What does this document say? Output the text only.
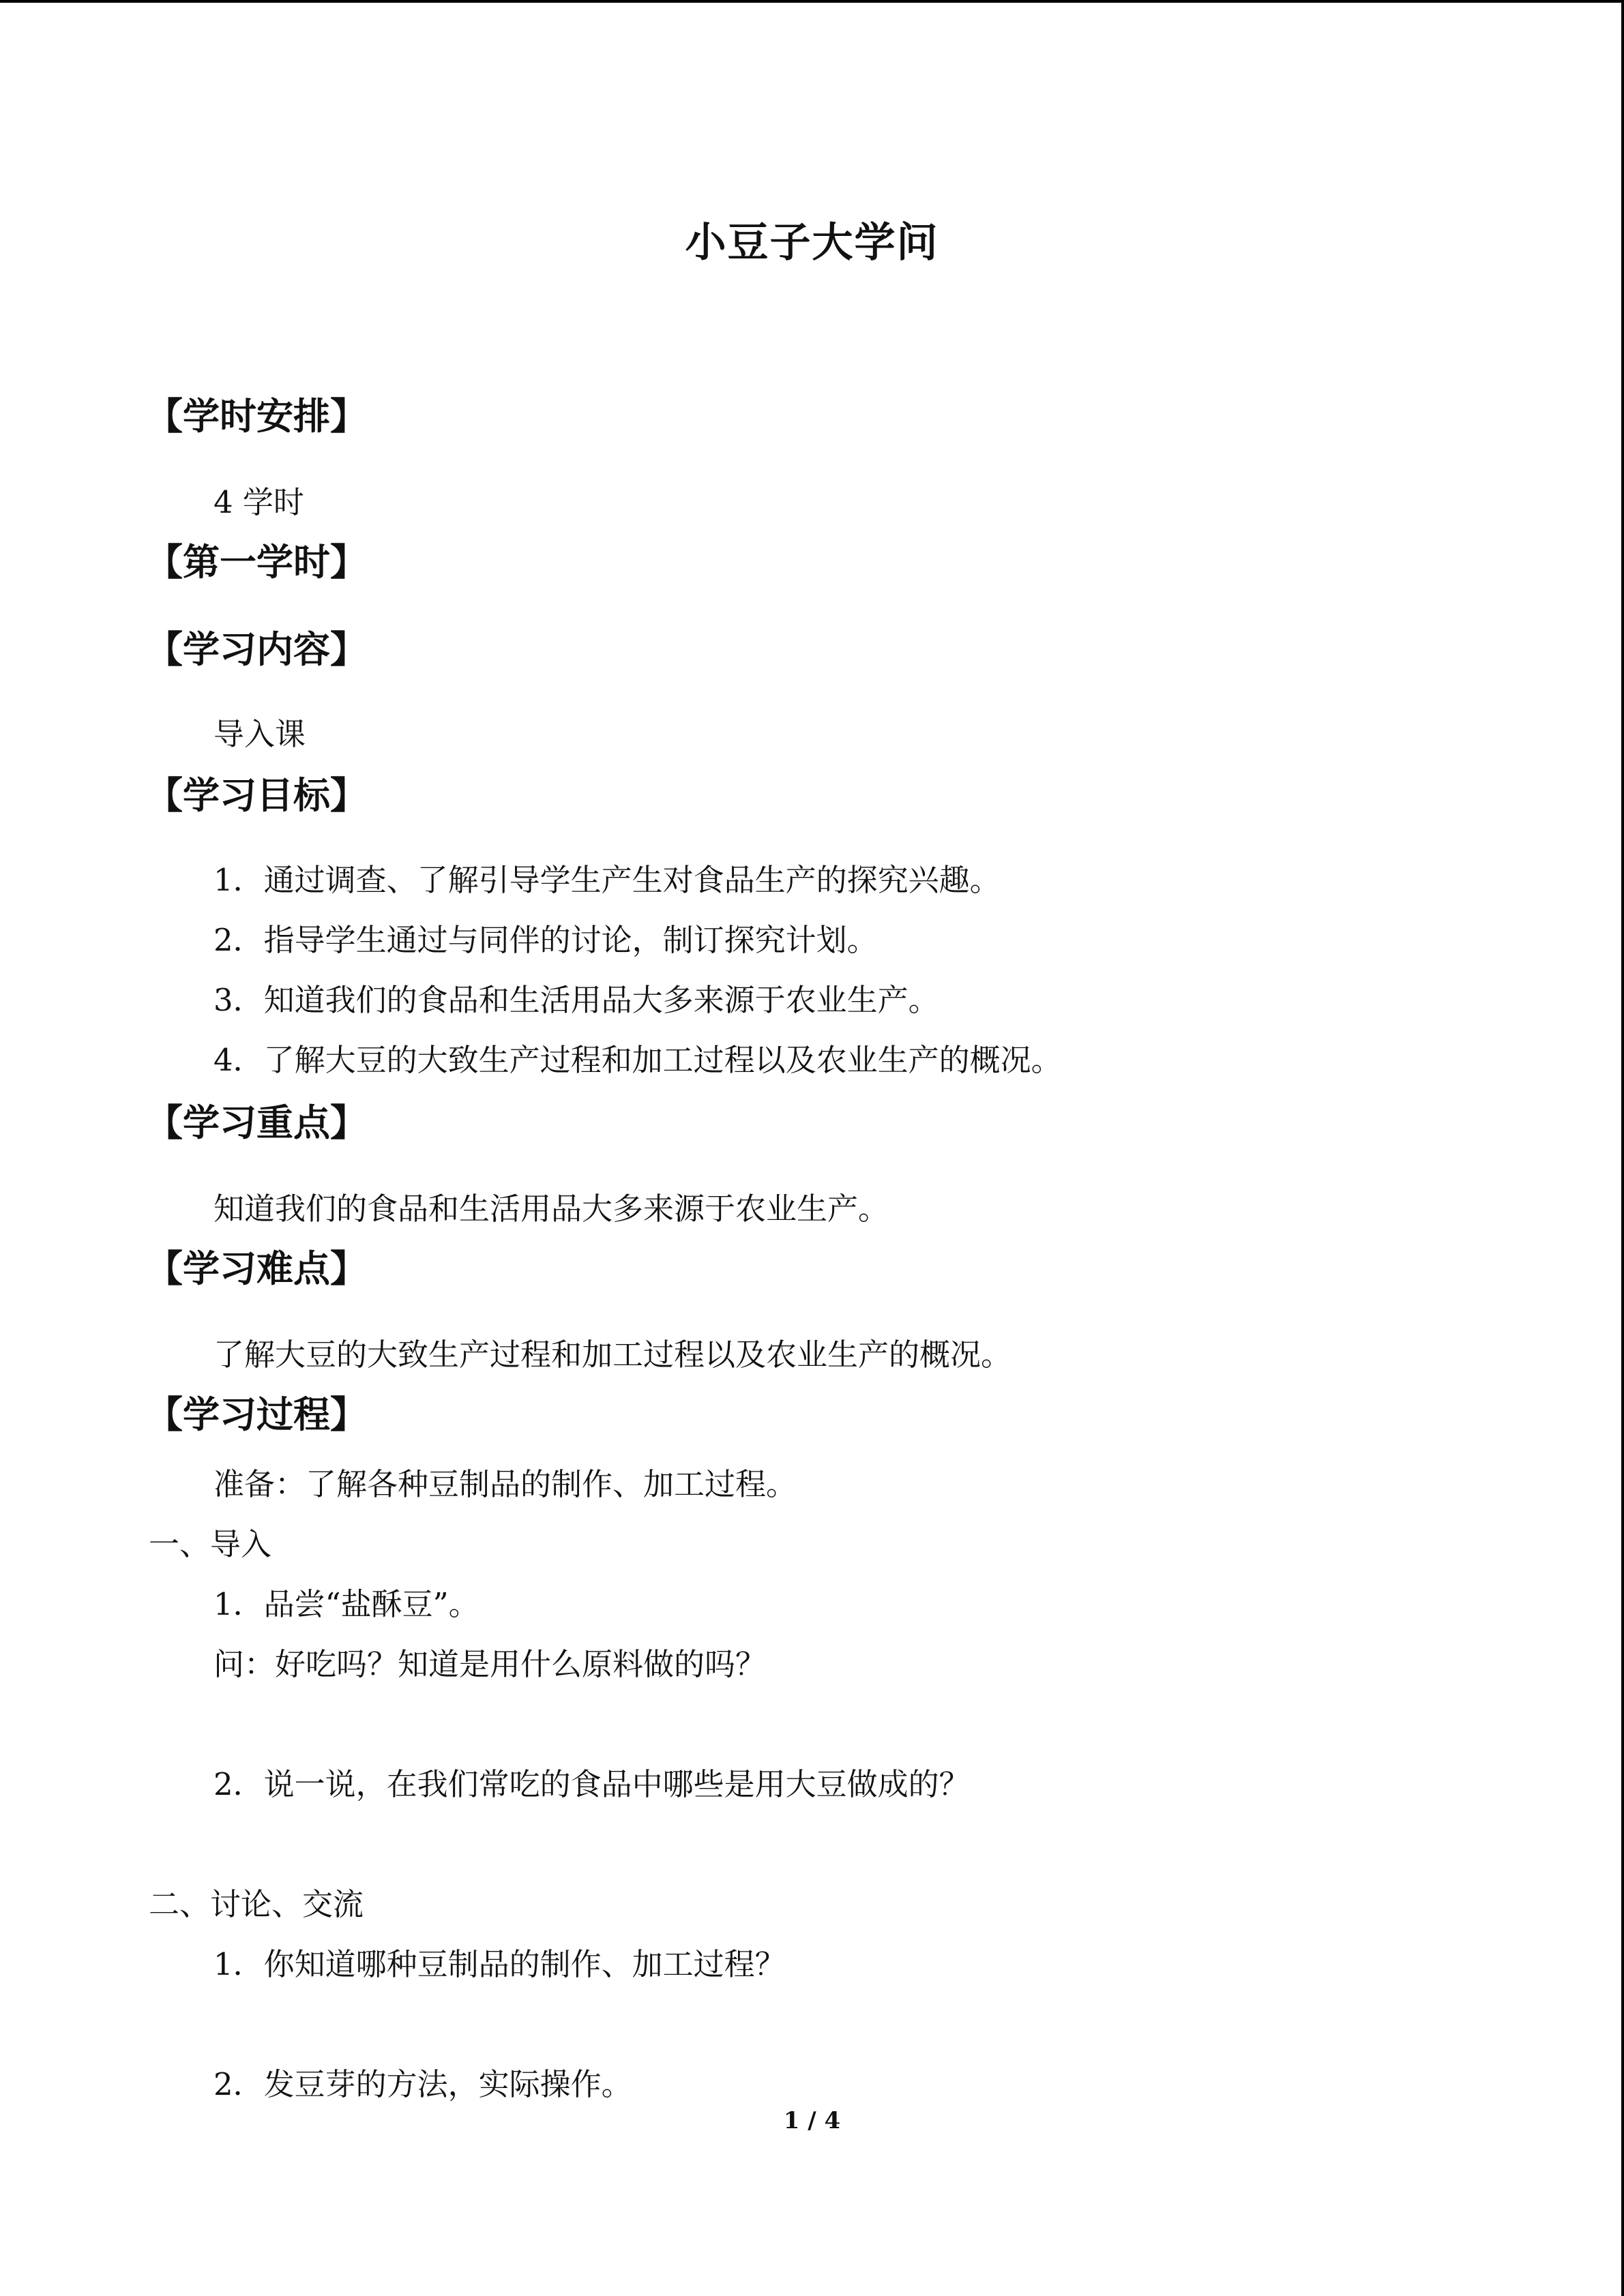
小豆子大学问
【学时安排】
4 学时
【第一学时】
【学习内容】
导入课
【学习目标】
1．通过调查、了解引导学生产生对食品生产的探究兴趣。
2．指导学生通过与同伴的讨论，制订探究计划。
3．知道我们的食品和生活用品大多来源于农业生产。
4．了解大豆的大致生产过程和加工过程以及农业生产的概况。
【学习重点】
知道我们的食品和生活用品大多来源于农业生产。
【学习难点】
了解大豆的大致生产过程和加工过程以及农业生产的概况。
【学习过程】
准备：了解各种豆制品的制作、加工过程。
一、导入
1．品尝“盐酥豆”。
问：好吃吗？知道是用什么原料做的吗？
2．说一说，在我们常吃的食品中哪些是用大豆做成的？
二、讨论、交流
1．你知道哪种豆制品的制作、加工过程？
2．发豆芽的方法，实际操作。
1 / 4
